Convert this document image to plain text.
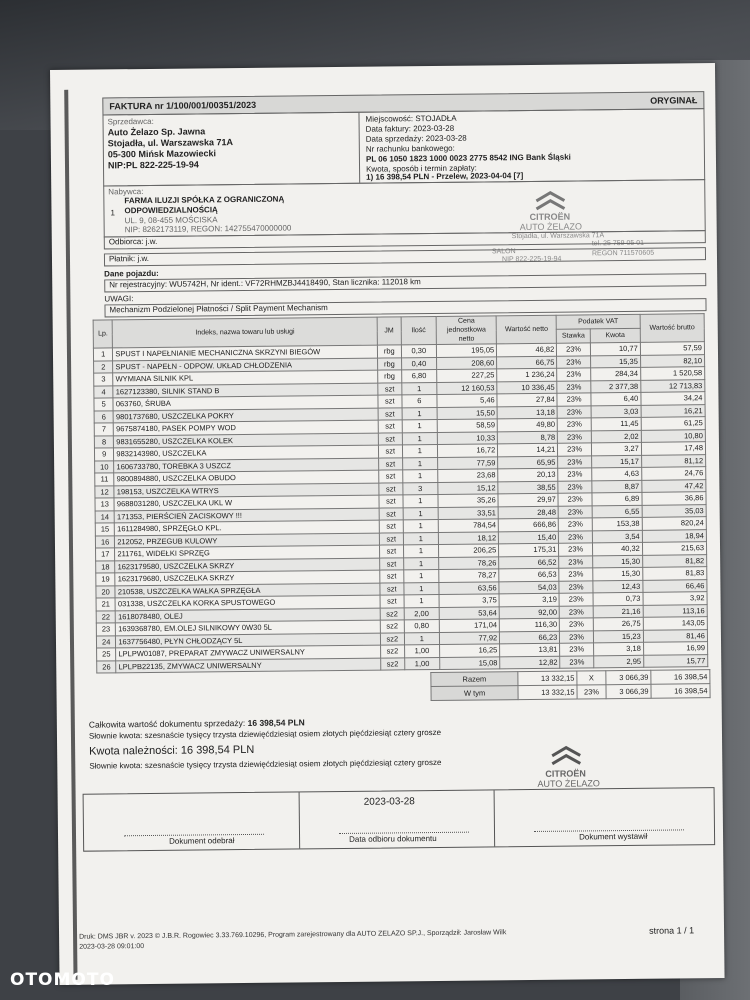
FAKTURA nr 1/100/001/00351/2023	ORYGINAŁ
Sprzedawca:
Auto Żelazo Sp. Jawna
Stojadła, ul. Warszawska 71A
05-300 Mińsk Mazowiecki
NIP:PL 822-225-19-94
Miejscowość: STOJADŁA
Data faktury: 2023-03-28
Data sprzedaży: 2023-03-28
Nr rachunku bankowego:
PL 06 1050 1823 1000 0023 2775 8542 ING Bank Śląski
Kwota, sposób i termin zapłaty:
1) 16 398,54 PLN - Przelew, 2023-04-04 [7]
Nabywca:
1
FARMA ILUZJI SPÓŁKA Z OGRANICZONĄ
ODPOWIEDZIALNOŚCIĄ
UL. 9, 08-455 MOŚCISKA
NIP: 8262173119, REGON: 142755470000000
CITROËN
AUTO ŻELAZO
Stojadła, ul. Warszawska 71A
tel. 25 759 05 01
SALON
NIP 822-225-19-94
REGON 711570605
Odbiorca: j.w.
Płatnik: j.w.
Dane pojazdu:
Nr rejestracyjny: WU5742H, Nr ident.: VF72RHMZBJ4418490, Stan licznika: 112018 km
UWAGI:
Mechanizm Podzielonej Płatności / Split Payment Mechanism
Lp.	Indeks, nazwa towaru lub usługi	JM	Ilość	Cena jednostkowa netto	Wartość netto	Podatek VAT		Wartość brutto
						Stawka	Kwota	
1	SPUST I NAPEŁNIANIE MECHANICZNA SKRZYNI BIEGÓW	rbg	0,30	195,05	46,82	23%	10,77	57,59
2	SPUST - NAPEŁN - ODPOW. UKŁAD CHŁODZENIA	rbg	0,40	208,60	66,75	23%	15,35	82,10
3	WYMIANA SILNIK KPL	rbg	6,80	227,25	1 236,24	23%	284,34	1 520,58
4	1627123380, SILNIK STAND B	szt	1	12 160,53	10 336,45	23%	2 377,38	12 713,83
5	063760, ŚRUBA	szt	6	5,46	27,84	23%	6,40	34,24
6	9801737680, USZCZELKA POKRY	szt	1	15,50	13,18	23%	3,03	16,21
7	9675874180, PASEK POMPY WOD	szt	1	58,59	49,80	23%	11,45	61,25
8	9831655280, USZCZELKA KOLEK	szt	1	10,33	8,78	23%	2,02	10,80
9	9832143980, USZCZELKA	szt	1	16,72	14,21	23%	3,27	17,48
10	1606733780, TOREBKA 3 USZCZ	szt	1	77,59	65,95	23%	15,17	81,12
11	9800894880, USZCZELKA OBUDO	szt	1	23,68	20,13	23%	4,63	24,76
12	198153, USZCZELKA WTRYS	szt	3	15,12	38,55	23%	8,87	47,42
13	9688031280, USZCZELKA UKL W	szt	1	35,26	29,97	23%	6,89	36,86
14	171353, PIERŚCIEŃ ZACISKOWY !!!	szt	1	33,51	28,48	23%	6,55	35,03
15	1611284980, SPRZĘGŁO KPL.	szt	1	784,54	666,86	23%	153,38	820,24
16	212052, PRZEGUB KULOWY	szt	1	18,12	15,40	23%	3,54	18,94
17	211761, WIDEŁKI SPRZĘG	szt	1	206,25	175,31	23%	40,32	215,63
18	1623179580, USZCZELKA SKRZY	szt	1	78,26	66,52	23%	15,30	81,82
19	1623179680, USZCZELKA SKRZY	szt	1	78,27	66,53	23%	15,30	81,83
20	210538, USZCZELKA WAŁKA SPRZĘGŁA	szt	1	63,56	54,03	23%	12,43	66,46
21	031338, USZCZELKA KORKA SPUSTOWEGO	szt	1	3,75	3,19	23%	0,73	3,92
22	1618078480, OLEJ	sz2	2,00	53,64	92,00	23%	21,16	113,16
23	1639368780, EM.OLEJ SILNIKOWY 0W30 5L	sz2	0,80	171,04	116,30	23%	26,75	143,05
24	1637756480, PŁYN CHŁODZĄCY 5L	sz2	1	77,92	66,23	23%	15,23	81,46
25	LPLPW01087, PREPARAT ZMYWACZ UNIWERSALNY	sz2	1,00	16,25	13,81	23%	3,18	16,99
26	LPLPB22135, ZMYWACZ UNIWERSALNY	sz2	1,00	15,08	12,82	23%	2,95	15,77
Razem	13 332,15	X	3 066,39	16 398,54
W tym	13 332,15	23%	3 066,39	16 398,54
Całkowita wartość dokumentu sprzedaży: 16 398,54 PLN
Słownie kwota: szesnaście tysięcy trzysta dziewięćdziesiąt osiem złotych pięćdziesiąt cztery grosze
Kwota należności: 16 398,54 PLN
Słownie kwota: szesnaście tysięcy trzysta dziewięćdziesiąt osiem złotych pięćdziesiąt cztery grosze
CITROËN
AUTO ŻELAZO
Dokument odebrał
2023-03-28
Data odbioru dokumentu	Dokument wystawił
Druk: DMS JBR v. 2023 © J.B.R. Rogowiec 3.33.769.10296, Program zarejestrowany dla AUTO ZELAZO SP.J., Sporządził: Jarosław Wilk
2023-03-28 09:01:00
strona 1 / 1
OTOMOTO
